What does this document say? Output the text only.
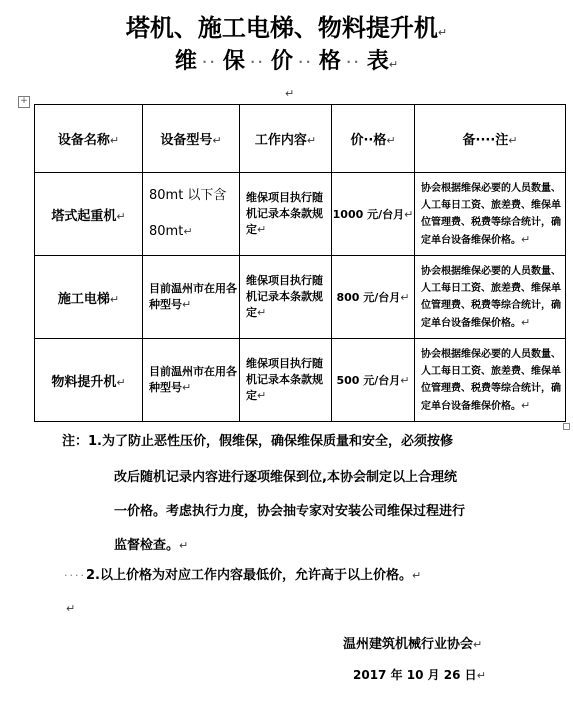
塔机、施工电梯、物料提升机↵
维 ·· 保 ·· 价 ·· 格 ·· 表↵
+
↵
设备名称↵	设备型号↵	工作内容↵	价··格↵	备····注↵
塔式起重机↵	80mt 以下含
80mt↵	维保项目执行随机记录本条款规定↵	1000 元/台月↵	协会根据维保必要的人员数量、人工每日工资、旅差费、维保单位管理费、税费等综合统计，确定单台设备维保价格。↵
施工电梯↵	目前温州市在用各种型号↵	维保项目执行随机记录本条款规定↵	800 元/台月↵	协会根据维保必要的人员数量、人工每日工资、旅差费、维保单位管理费、税费等综合统计，确定单台设备维保价格。↵
物料提升机↵	目前温州市在用各种型号↵	维保项目执行随机记录本条款规定↵	500 元/台月↵	协会根据维保必要的人员数量、人工每日工资、旅差费、维保单位管理费、税费等综合统计，确定单台设备维保价格。↵
注：1.为了防止恶性压价，假维保，确保维保质量和安全，必须按修
改后随机记录内容进行逐项维保到位,本协会制定以上合理统
一价格。考虑执行力度，协会抽专家对安装公司维保过程进行
监督检查。↵
····2.以上价格为对应工作内容最低价，允许高于以上价格。↵
↵
温州建筑机械行业协会↵
2017 年 10 月 26 日↵
